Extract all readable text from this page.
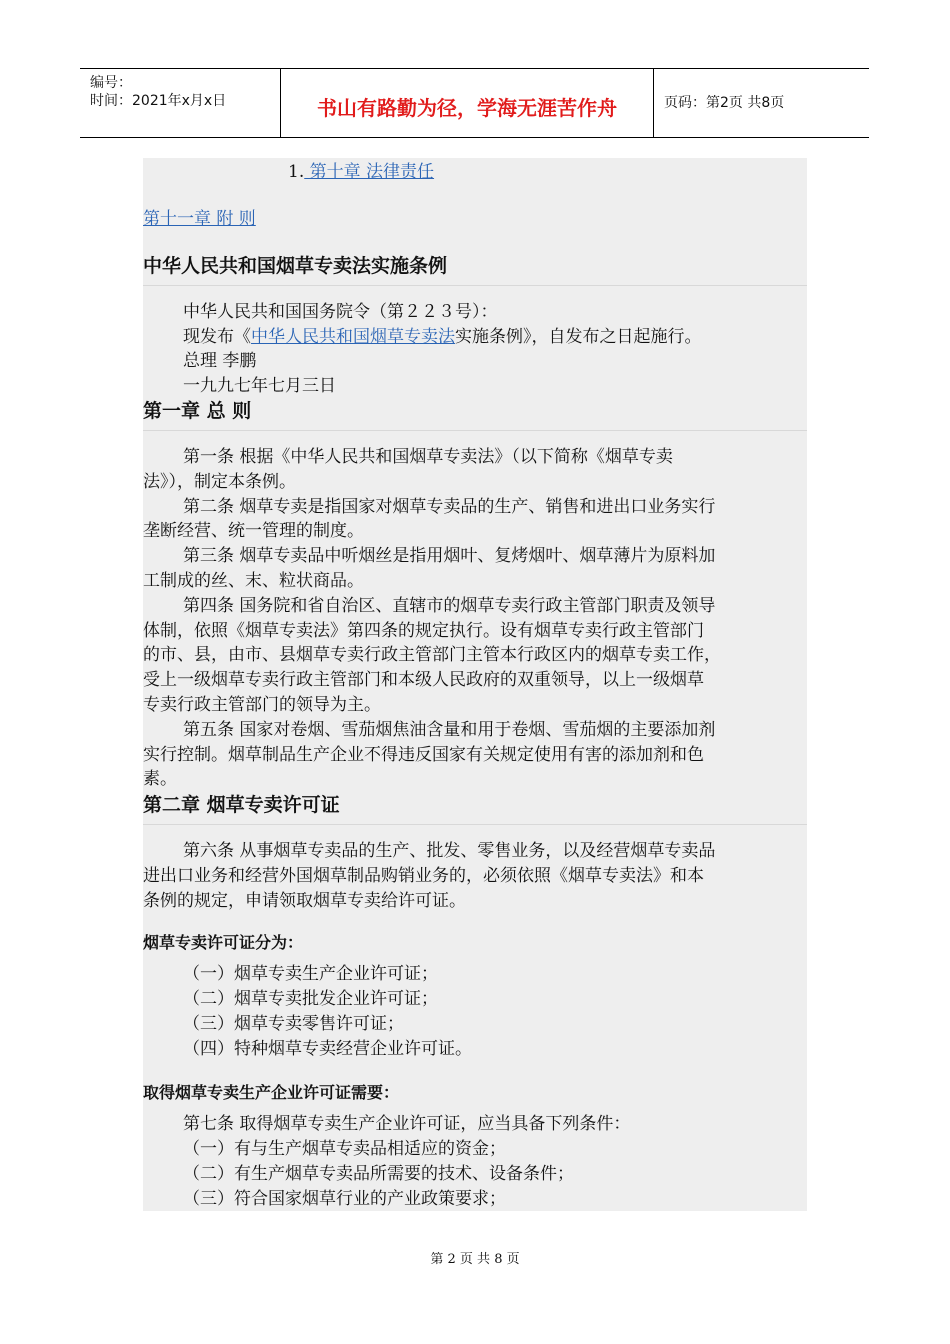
编号：
时间：2021年x月x日	书山有路勤为径，学海无涯苦作舟	页码：第2页 共8页
1. 第十章 法律责任
第十一章 附 则
中华人民共和国烟草专卖法实施条例
中华人民共和国国务院令（第２２３号）：
现发布《中华人民共和国烟草专卖法实施条例》，自发布之日起施行。
总理 李鹏
一九九七年七月三日
第一章 总 则
第一条 根据《中华人民共和国烟草专卖法》（以下简称《烟草专卖
法》），制定本条例。
第二条 烟草专卖是指国家对烟草专卖品的生产、销售和进出口业务实行
垄断经营、统一管理的制度。
第三条 烟草专卖品中听烟丝是指用烟叶、复烤烟叶、烟草薄片为原料加
工制成的丝、末、粒状商品。
第四条 国务院和省自治区、直辖市的烟草专卖行政主管部门职责及领导
体制，依照《烟草专卖法》第四条的规定执行。设有烟草专卖行政主管部门
的市、县，由市、县烟草专卖行政主管部门主管本行政区内的烟草专卖工作，
受上一级烟草专卖行政主管部门和本级人民政府的双重领导，以上一级烟草
专卖行政主管部门的领导为主。
第五条 国家对卷烟、雪茄烟焦油含量和用于卷烟、雪茄烟的主要添加剂
实行控制。烟草制品生产企业不得违反国家有关规定使用有害的添加剂和色
素。
第二章 烟草专卖许可证
第六条 从事烟草专卖品的生产、批发、零售业务，以及经营烟草专卖品
进出口业务和经营外国烟草制品购销业务的，必须依照《烟草专卖法》和本
条例的规定，申请领取烟草专卖给许可证。
烟草专卖许可证分为：
（一）烟草专卖生产企业许可证；
（二）烟草专卖批发企业许可证；
（三）烟草专卖零售许可证；
（四）特种烟草专卖经营企业许可证。
取得烟草专卖生产企业许可证需要：
第七条 取得烟草专卖生产企业许可证，应当具备下列条件：
（一）有与生产烟草专卖品相适应的资金；
（二）有生产烟草专卖品所需要的技术、设备条件；
（三）符合国家烟草行业的产业政策要求；
第 2 页 共 8 页
